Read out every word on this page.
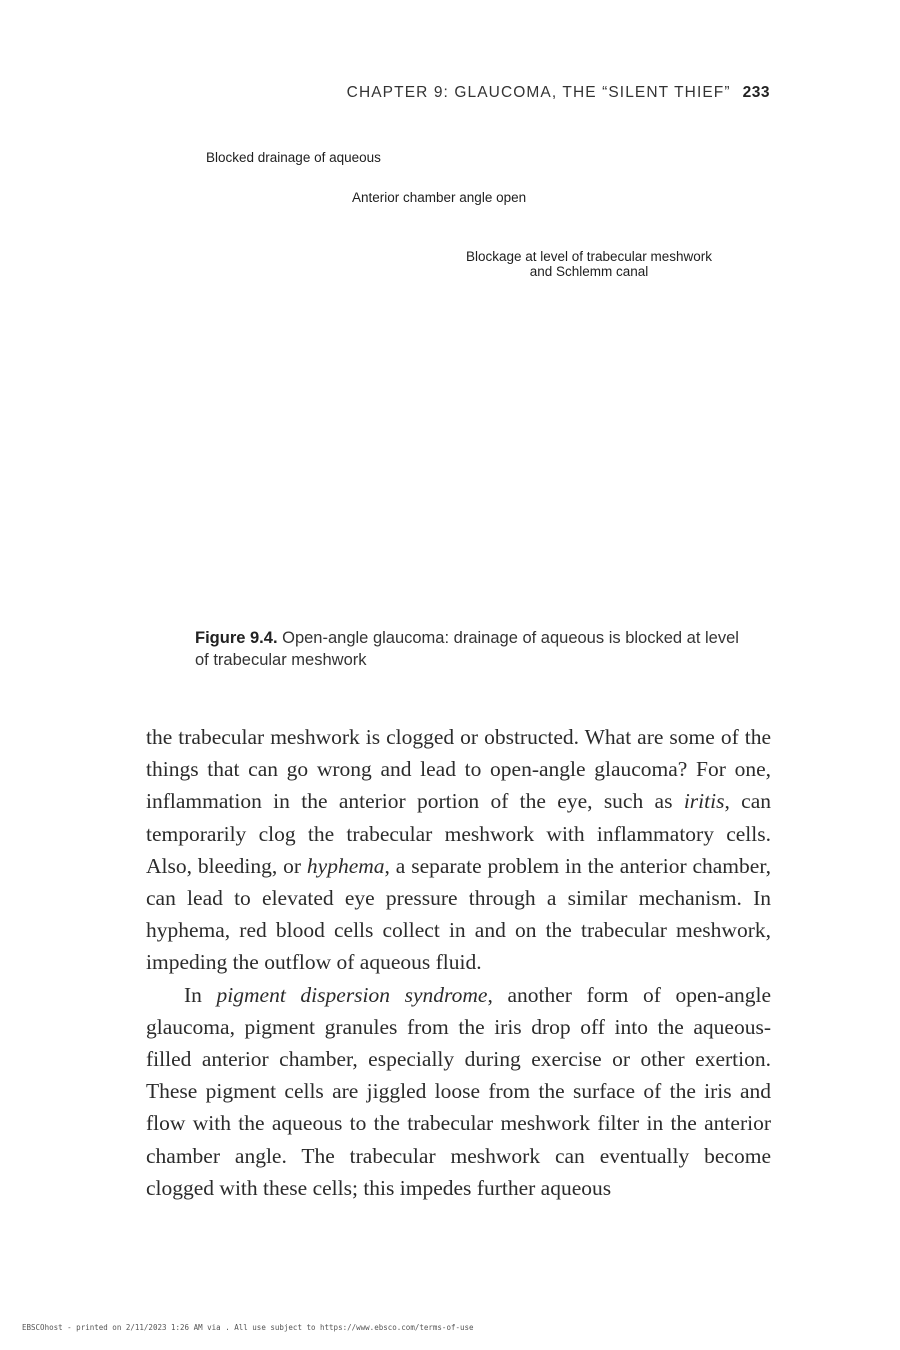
CHAPTER 9: GLAUCOMA, THE “SILENT THIEF” 233
Blocked drainage of aqueous
Anterior chamber angle open
Blockage at level of trabecular meshwork
and Schlemm canal
Figure 9.4. Open-angle glaucoma: drainage of aqueous is blocked at level of trabecular meshwork

the trabecular meshwork is clogged or obstructed. What are some of the things that can go wrong and lead to open-angle glaucoma? For one, inflammation in the anterior portion of the eye, such as iritis, can temporarily clog the trabecular meshwork with inflammatory cells. Also, bleeding, or hyphema, a separate problem in the anterior chamber, can lead to elevated eye pressure through a similar mechanism. In hyphema, red blood cells collect in and on the trabecular meshwork, impeding the outflow of aqueous fluid.

In pigment dispersion syndrome, another form of open-angle glaucoma, pigment granules from the iris drop off into the aqueous-filled anterior chamber, especially during exercise or other exertion. These pigment cells are jiggled loose from the surface of the iris and flow with the aqueous to the trabecular meshwork filter in the anterior chamber angle. The trabecular meshwork can eventually become clogged with these cells; this impedes further aqueous

EBSCOhost - printed on 2/11/2023 1:26 AM via . All use subject to https://www.ebsco.com/terms-of-use
